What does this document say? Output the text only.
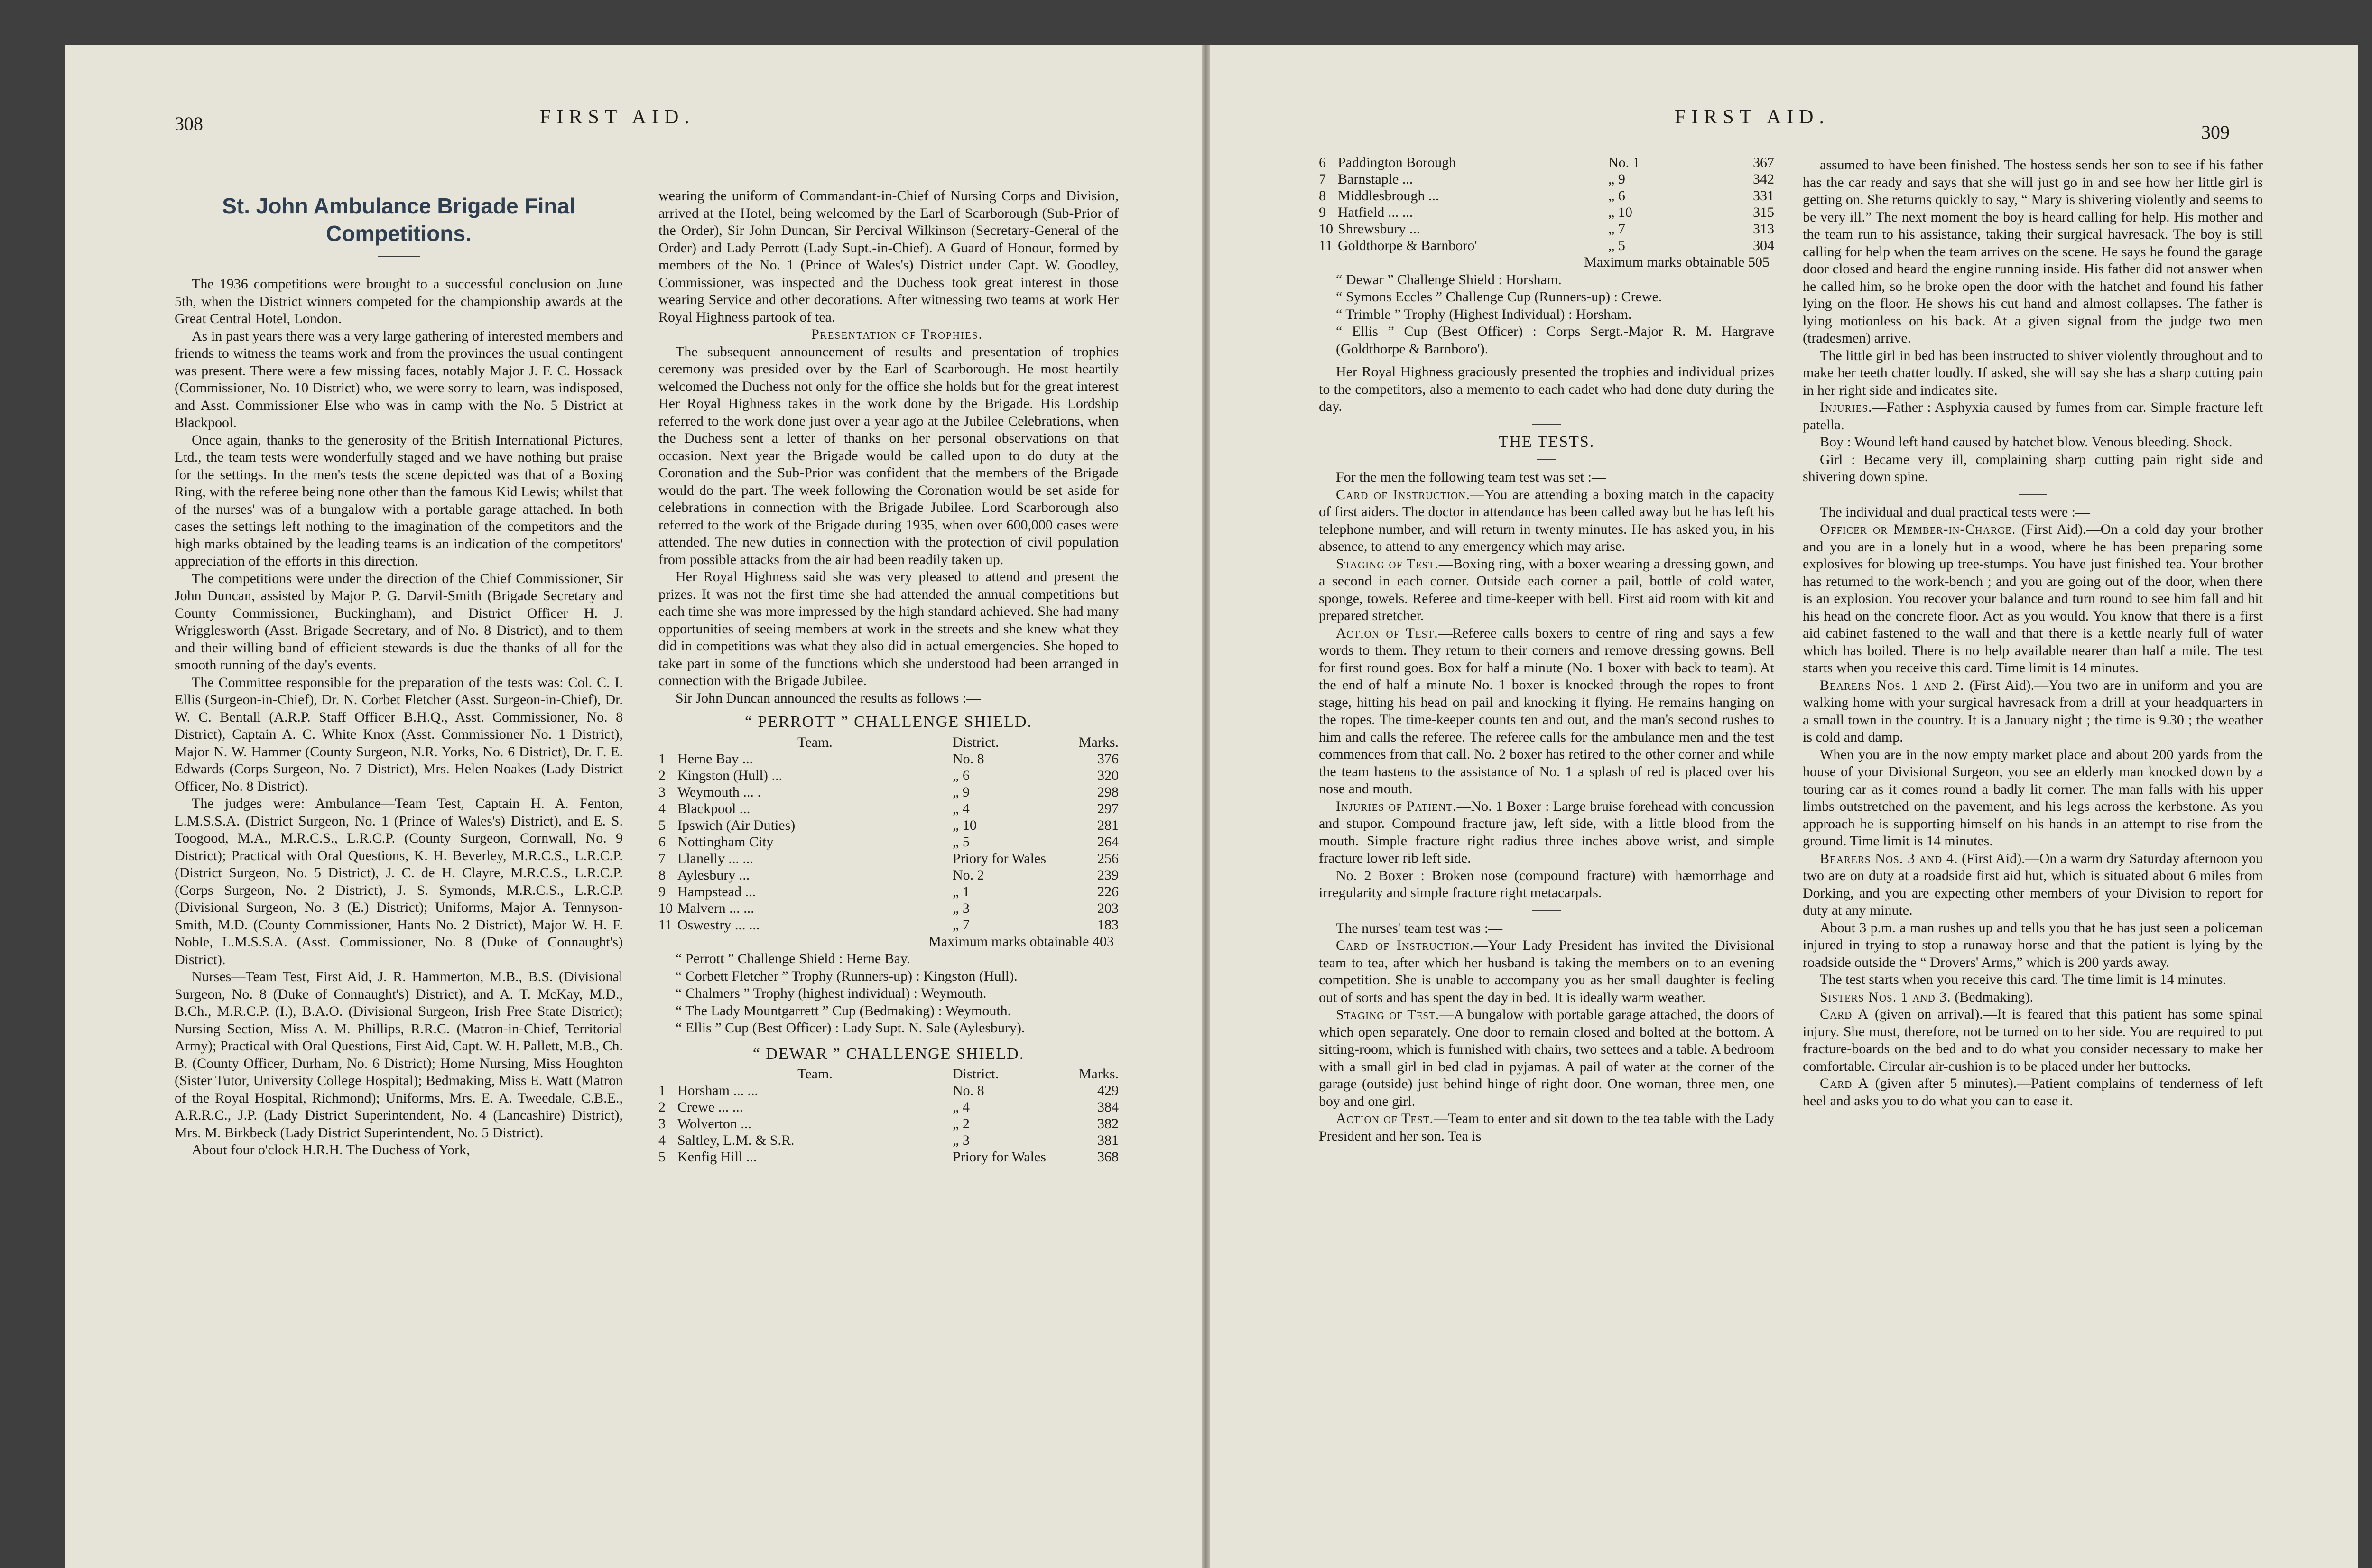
308	FIRST AID.
St. John Ambulance Brigade Final Competitions.

The 1936 competitions were brought to a successful conclusion on June 5th, when the District winners competed for the championship awards at the Great Central Hotel, London.

As in past years there was a very large gathering of interested members and friends to witness the teams work and from the provinces the usual contingent was present. There were a few missing faces, notably Major J. F. C. Hossack (Commissioner, No. 10 District) who, we were sorry to learn, was indisposed, and Asst. Commissioner Else who was in camp with the No. 5 District at Blackpool.

Once again, thanks to the generosity of the British International Pictures, Ltd., the team tests were wonderfully staged and we have nothing but praise for the settings. In the men's tests the scene depicted was that of a Boxing Ring, with the referee being none other than the famous Kid Lewis; whilst that of the nurses' was of a bungalow with a portable garage attached. In both cases the settings left nothing to the imagination of the competitors and the high marks obtained by the leading teams is an indication of the competitors' appreciation of the efforts in this direction.

The competitions were under the direction of the Chief Commissioner, Sir John Duncan, assisted by Major P. G. Darvil-Smith (Brigade Secretary and County Commissioner, Buckingham), and District Officer H. J. Wrigglesworth (Asst. Brigade Secretary, and of No. 8 District), and to them and their willing band of efficient stewards is due the thanks of all for the smooth running of the day's events.

The Committee responsible for the preparation of the tests was: Col. C. I. Ellis (Surgeon-in-Chief), Dr. N. Corbet Fletcher (Asst. Surgeon-in-Chief), Dr. W. C. Bentall (A.R.P. Staff Officer B.H.Q., Asst. Commissioner, No. 8 District), Captain A. C. White Knox (Asst. Commissioner No. 1 District), Major N. W. Hammer (County Surgeon, N.R. Yorks, No. 6 District), Dr. F. E. Edwards (Corps Surgeon, No. 7 District), Mrs. Helen Noakes (Lady District Officer, No. 8 District).

The judges were: Ambulance—Team Test, Captain H. A. Fenton, L.M.S.S.A. (District Surgeon, No. 1 (Prince of Wales's) District), and E. S. Toogood, M.A., M.R.C.S., L.R.C.P. (County Surgeon, Cornwall, No. 9 District); Practical with Oral Questions, K. H. Beverley, M.R.C.S., L.R.C.P. (District Surgeon, No. 5 District), J. C. de H. Clayre, M.R.C.S., L.R.C.P. (Corps Surgeon, No. 2 District), J. S. Symonds, M.R.C.S., L.R.C.P. (Divisional Surgeon, No. 3 (E.) District); Uniforms, Major A. Tennyson-Smith, M.D. (County Commissioner, Hants No. 2 District), Major W. H. F. Noble, L.M.S.S.A. (Asst. Commissioner, No. 8 (Duke of Connaught's) District).

Nurses—Team Test, First Aid, J. R. Hammerton, M.B., B.S. (Divisional Surgeon, No. 8 (Duke of Connaught's) District), and A. T. McKay, M.D., B.Ch., M.R.C.P. (I.), B.A.O. (Divisional Surgeon, Irish Free State District); Nursing Section, Miss A. M. Phillips, R.R.C. (Matron-in-Chief, Territorial Army); Practical with Oral Questions, First Aid, Capt. W. H. Pallett, M.B., Ch. B. (County Officer, Durham, No. 6 District); Home Nursing, Miss Houghton (Sister Tutor, University College Hospital); Bedmaking, Miss E. Watt (Matron of the Royal Hospital, Richmond); Uniforms, Mrs. E. A. Tweedale, C.B.E., A.R.R.C., J.P. (Lady District Superintendent, No. 4 (Lancashire) District), Mrs. M. Birkbeck (Lady District Superintendent, No. 5 District).

About four o'clock H.R.H. The Duchess of York,

wearing the uniform of Commandant-in-Chief of Nursing Corps and Division, arrived at the Hotel, being welcomed by the Earl of Scarborough (Sub-Prior of the Order), Sir John Duncan, Sir Percival Wilkinson (Secretary-General of the Order) and Lady Perrott (Lady Supt.-in-Chief). A Guard of Honour, formed by members of the No. 1 (Prince of Wales's) District under Capt. W. Goodley, Commissioner, was inspected and the Duchess took great interest in those wearing Service and other decorations. After witnessing two teams at work Her Royal Highness partook of tea.

Presentation of Trophies.

The subsequent announcement of results and presentation of trophies ceremony was presided over by the Earl of Scarborough. He most heartily welcomed the Duchess not only for the office she holds but for the great interest Her Royal Highness takes in the work done by the Brigade. His Lordship referred to the work done just over a year ago at the Jubilee Celebrations, when the Duchess sent a letter of thanks on her personal observations on that occasion. Next year the Brigade would be called upon to do duty at the Coronation and the Sub-Prior was confident that the members of the Brigade would do the part. The week following the Coronation would be set aside for celebrations in connection with the Brigade Jubilee. Lord Scarborough also referred to the work of the Brigade during 1935, when over 600,000 cases were attended. The new duties in connection with the protection of civil population from possible attacks from the air had been readily taken up.

Her Royal Highness said she was very pleased to attend and present the prizes. It was not the first time she had attended the annual competitions but each time she was more impressed by the high standard achieved. She had many opportunities of seeing members at work in the streets and she knew what they did in competitions was what they also did in actual emergencies. She hoped to take part in some of the functions which she understood had been arranged in connection with the Brigade Jubilee.

Sir John Duncan announced the results as follows :—

“ PERROTT ” CHALLENGE SHIELD.
	Team.	District.	Marks.
1	Herne Bay ...	No. 8	376
2	Kingston (Hull) ...	„ 6	320
3	Weymouth ... .	„ 9	298
4	Blackpool ...	„ 4	297
5	Ipswich (Air Duties)	„ 10	281
6	Nottingham City	„ 5	264
7	Llanelly ... ...	Priory for Wales	256
8	Aylesbury ...	No. 2	239
9	Hampstead ...	„ 1	226
10	Malvern ... ...	„ 3	203
11	Oswestry ... ...	„ 7	183
Maximum marks obtainable 403

“ Perrott ” Challenge Shield : Herne Bay.

“ Corbett Fletcher ” Trophy (Runners-up) : Kingston (Hull).

“ Chalmers ” Trophy (highest individual) : Weymouth.

“ The Lady Mountgarrett ” Cup (Bedmaking) : Weymouth.

“ Ellis ” Cup (Best Officer) : Lady Supt. N. Sale (Aylesbury).

“ DEWAR ” CHALLENGE SHIELD.
	Team.	District.	Marks.
1	Horsham ... ...	No. 8	429
2	Crewe ... ...	„ 4	384
3	Wolverton ...	„ 2	382
4	Saltley, L.M. & S.R.	„ 3	381
5	Kenfig Hill ...	Priory for Wales	368
FIRST AID.
309
6	Paddington Borough	No. 1	367
7	Barnstaple ...	„ 9	342
8	Middlesbrough ...	„ 6	331
9	Hatfield ... ...	„ 10	315
10	Shrewsbury ...	„ 7	313
11	Goldthorpe & Barnboro'	„ 5	304
Maximum marks obtainable 505

“ Dewar ” Challenge Shield : Horsham.

“ Symons Eccles ” Challenge Cup (Runners-up) : Crewe.

“ Trimble ” Trophy (Highest Individual) : Horsham.

“ Ellis ” Cup (Best Officer) : Corps Sergt.-Major R. M. Hargrave (Goldthorpe & Barnboro').

Her Royal Highness graciously presented the trophies and individual prizes to the competitors, also a memento to each cadet who had done duty during the day.

THE TESTS.

For the men the following team test was set :—

Card of Instruction.—You are attending a boxing match in the capacity of first aiders. The doctor in attendance has been called away but he has left his telephone number, and will return in twenty minutes. He has asked you, in his absence, to attend to any emergency which may arise.

Staging of Test.—Boxing ring, with a boxer wearing a dressing gown, and a second in each corner. Outside each corner a pail, bottle of cold water, sponge, towels. Referee and time-keeper with bell. First aid room with kit and prepared stretcher.

Action of Test.—Referee calls boxers to centre of ring and says a few words to them. They return to their corners and remove dressing gowns. Bell for first round goes. Box for half a minute (No. 1 boxer with back to team). At the end of half a minute No. 1 boxer is knocked through the ropes to front stage, hitting his head on pail and knocking it flying. He remains hanging on the ropes. The time-keeper counts ten and out, and the man's second rushes to him and calls the referee. The referee calls for the ambulance men and the test commences from that call. No. 2 boxer has retired to the other corner and while the team hastens to the assistance of No. 1 a splash of red is placed over his nose and mouth.

Injuries of Patient.—No. 1 Boxer : Large bruise forehead with concussion and stupor. Compound fracture jaw, left side, with a little blood from the mouth. Simple fracture right radius three inches above wrist, and simple fracture lower rib left side.

No. 2 Boxer : Broken nose (compound fracture) with hæmorrhage and irregularity and simple fracture right metacarpals.

The nurses' team test was :—

Card of Instruction.—Your Lady President has invited the Divisional team to tea, after which her husband is taking the members on to an evening competition. She is unable to accompany you as her small daughter is feeling out of sorts and has spent the day in bed. It is ideally warm weather.

Staging of Test.—A bungalow with portable garage attached, the doors of which open separately. One door to remain closed and bolted at the bottom. A sitting-room, which is furnished with chairs, two settees and a table. A bedroom with a small girl in bed clad in pyjamas. A pail of water at the corner of the garage (outside) just behind hinge of right door. One woman, three men, one boy and one girl.

Action of Test.—Team to enter and sit down to the tea table with the Lady President and her son. Tea is

assumed to have been finished. The hostess sends her son to see if his father has the car ready and says that she will just go in and see how her little girl is getting on. She returns quickly to say, “ Mary is shivering violently and seems to be very ill.” The next moment the boy is heard calling for help. His mother and the team run to his assistance, taking their surgical havresack. The boy is still calling for help when the team arrives on the scene. He says he found the garage door closed and heard the engine running inside. His father did not answer when he called him, so he broke open the door with the hatchet and found his father lying on the floor. He shows his cut hand and almost collapses. The father is lying motionless on his back. At a given signal from the judge two men (tradesmen) arrive.

The little girl in bed has been instructed to shiver violently throughout and to make her teeth chatter loudly. If asked, she will say she has a sharp cutting pain in her right side and indicates site.

Injuries.—Father : Asphyxia caused by fumes from car. Simple fracture left patella.

Boy : Wound left hand caused by hatchet blow. Venous bleeding. Shock.

Girl : Became very ill, complaining sharp cutting pain right side and shivering down spine.

The individual and dual practical tests were :—

Officer or Member-in-Charge. (First Aid).—On a cold day your brother and you are in a lonely hut in a wood, where he has been preparing some explosives for blowing up tree-stumps. You have just finished tea. Your brother has returned to the work-bench ; and you are going out of the door, when there is an explosion. You recover your balance and turn round to see him fall and hit his head on the concrete floor. Act as you would. You know that there is a first aid cabinet fastened to the wall and that there is a kettle nearly full of water which has boiled. There is no help available nearer than half a mile. The test starts when you receive this card. Time limit is 14 minutes.

Bearers Nos. 1 and 2. (First Aid).—You two are in uniform and you are walking home with your surgical havresack from a drill at your headquarters in a small town in the country. It is a January night ; the time is 9.30 ; the weather is cold and damp.

When you are in the now empty market place and about 200 yards from the house of your Divisional Surgeon, you see an elderly man knocked down by a touring car as it comes round a badly lit corner. The man falls with his upper limbs outstretched on the pavement, and his legs across the kerbstone. As you approach he is supporting himself on his hands in an attempt to rise from the ground. Time limit is 14 minutes.

Bearers Nos. 3 and 4. (First Aid).—On a warm dry Saturday afternoon you two are on duty at a roadside first aid hut, which is situated about 6 miles from Dorking, and you are expecting other members of your Division to report for duty at any minute.

About 3 p.m. a man rushes up and tells you that he has just seen a policeman injured in trying to stop a runaway horse and that the patient is lying by the roadside outside the “ Drovers' Arms,” which is 200 yards away.

The test starts when you receive this card. The time limit is 14 minutes.

Sisters Nos. 1 and 3. (Bedmaking).

Card A (given on arrival).—It is feared that this patient has some spinal injury. She must, therefore, not be turned on to her side. You are required to put fracture-boards on the bed and to do what you consider necessary to make her comfortable. Circular air-cushion is to be placed under her buttocks.

Card A (given after 5 minutes).—Patient complains of tenderness of left heel and asks you to do what you can to ease it.
